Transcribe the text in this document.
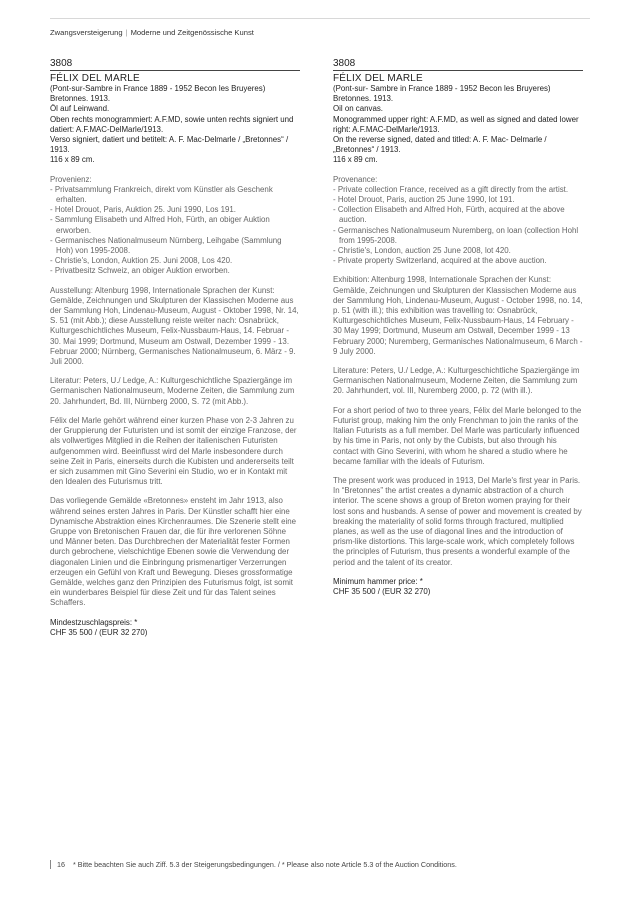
Zwangsversteigerung | Moderne und Zeitgenössische Kunst
3808
FÉLIX DEL MARLE
(Pont-sur-Sambre in France 1889 - 1952 Becon les Bruyeres)
Bretonnes. 1913.
Öl auf Leinwand.
Oben rechts monogrammiert: A.F.MD, sowie unten rechts signiert und datiert: A.F.MAC-DelMarle/1913.
Verso signiert, datiert und betitelt: A. F. Mac-Delmarle / „Bretonnes“ / 1913.
116 x 89 cm.
Provenienz:
- Privatsammlung Frankreich, direkt vom Künstler als Geschenk erhalten.
- Hotel Drouot, Paris, Auktion 25. Juni 1990, Los 191.
- Sammlung Elisabeth und Alfred Hoh, Fürth, an obiger Auktion erworben.
- Germanisches Nationalmuseum Nürnberg, Leihgabe (Sammlung Hoh) von 1995-2008.
- Christie's, London, Auktion 25. Juni 2008, Los 420.
- Privatbesitz Schweiz, an obiger Auktion erworben.
Ausstellung: Altenburg 1998, Internationale Sprachen der Kunst: Gemälde, Zeichnungen und Skulpturen der Klassischen Moderne aus der Sammlung Hoh, Lindenau-Museum, August - Oktober 1998, Nr. 14, S. 51 (mit Abb.); diese Ausstellung reiste weiter nach: Osnabrück, Kulturgeschichtliches Museum, Felix-Nussbaum-Haus, 14. Februar - 30. Mai 1999; Dortmund, Museum am Ostwall, Dezember 1999 - 13. Februar 2000; Nürnberg, Germanisches Nationalmuseum, 6. März - 9. Juli 2000.
Literatur: Peters, U./ Ledge, A.: Kulturgeschichtliche Spaziergänge im Germanischen Nationalmuseum, Moderne Zeiten, die Sammlung zum 20. Jahrhundert, Bd. III, Nürnberg 2000, S. 72 (mit Abb.).
Félix del Marle gehört während einer kurzen Phase von 2-3 Jahren zu der Gruppierung der Futuristen und ist somit der einzige Franzose, der als vollwertiges Mitglied in die Reihen der italienischen Futuristen aufgenommen wird. Beeinflusst wird del Marle insbesondere durch seine Zeit in Paris, einerseits durch die Kubisten und andererseits teilt er sich zusammen mit Gino Severini ein Studio, wo er in Kontakt mit den Idealen des Futurismus tritt.
Das vorliegende Gemälde «Bretonnes» ensteht im Jahr 1913, also während seines ersten Jahres in Paris. Der Künstler schafft hier eine Dynamische Abstraktion eines Kirchenraumes. Die Szenerie stellt eine Gruppe von Bretonischen Frauen dar, die für ihre verlorenen Söhne und Männer beten. Das Durchbrechen der Materialität fester Formen durch gebrochene, vielschichtige Ebenen sowie die Verwendung der diagonalen Linien und die Einbringung prismenartiger Verzerrungen erzeugen ein Gefühl von Kraft und Bewegung. Dieses grossformatige Gemälde, welches ganz den Prinzipien des Futurismus folgt, ist somit ein wunderbares Beispiel für diese Zeit und für das Talent seines Schaffers.
Mindestzuschlagspreis: *
CHF 35 500 / (EUR 32 270)
3808
FÉLIX DEL MARLE
(Pont-sur- Sambre in France 1889 - 1952 Becon les Bruyeres)
Bretonnes. 1913.
Oil on canvas.
Monogrammed upper right: A.F.MD, as well as signed and dated lower right: A.F.MAC-DelMarle/1913.
On the reverse signed, dated and titled: A. F. Mac- Delmarle / „Bretonnes“ / 1913.
116 x 89 cm.
Provenance:
- Private collection France, received as a gift directly from the artist.
- Hotel Drouot, Paris, auction 25 June 1990, lot 191.
- Collection Elisabeth and Alfred Hoh, Fürth, acquired at the above auction.
- Germanisches Nationalmuseum Nuremberg, on loan (collection Hohl from 1995-2008.
- Christie's, London, auction 25 June 2008, lot 420.
- Private property Switzerland, acquired at the above auction.
Exhibition: Altenburg 1998, Internationale Sprachen der Kunst: Gemälde, Zeichnungen und Skulpturen der Klassischen Moderne aus der Sammlung Hoh, Lindenau-Museum, August - October 1998, no. 14, p. 51 (with ill.); this exhibition was travelling to: Osnabrück, Kulturgeschichtliches Museum, Felix-Nussbaum-Haus, 14 February - 30 May 1999; Dortmund, Museum am Ostwall, December 1999 - 13 February 2000; Nuremberg, Germanisches Nationalmuseum, 6 March - 9 July 2000.
Literature: Peters, U./ Ledge, A.: Kulturgeschichtliche Spaziergänge im Germanischen Nationalmuseum, Moderne Zeiten, die Sammlung zum 20. Jahrhundert, vol. III, Nuremberg 2000, p. 72 (with ill.).
For a short period of two to three years, Félix del Marle belonged to the Futurist group, making him the only Frenchman to join the ranks of the Italian Futurists as a full member. Del Marle was particularly influenced by his time in Paris, not only by the Cubists, but also through his contact with Gino Severini, with whom he shared a studio where he became familiar with the ideals of Futurism.
The present work was produced in 1913, Del Marle's first year in Paris. In “Bretonnes” the artist creates a dynamic abstraction of a church interior. The scene shows a group of Breton women praying for their lost sons and husbands. A sense of power and movement is created by breaking the materiality of solid forms through fractured, multiplied planes, as well as the use of diagonal lines and the introduction of prism-like distortions. This large-scale work, which completely follows the principles of Futurism, thus presents a wonderful example of the period and the talent of its creator.
Minimum hammer price: *
CHF 35 500 / (EUR 32 270)
16 * Bitte beachten Sie auch Ziff. 5.3 der Steigerungsbedingungen. / * Please also note Article 5.3 of the Auction Conditions.
